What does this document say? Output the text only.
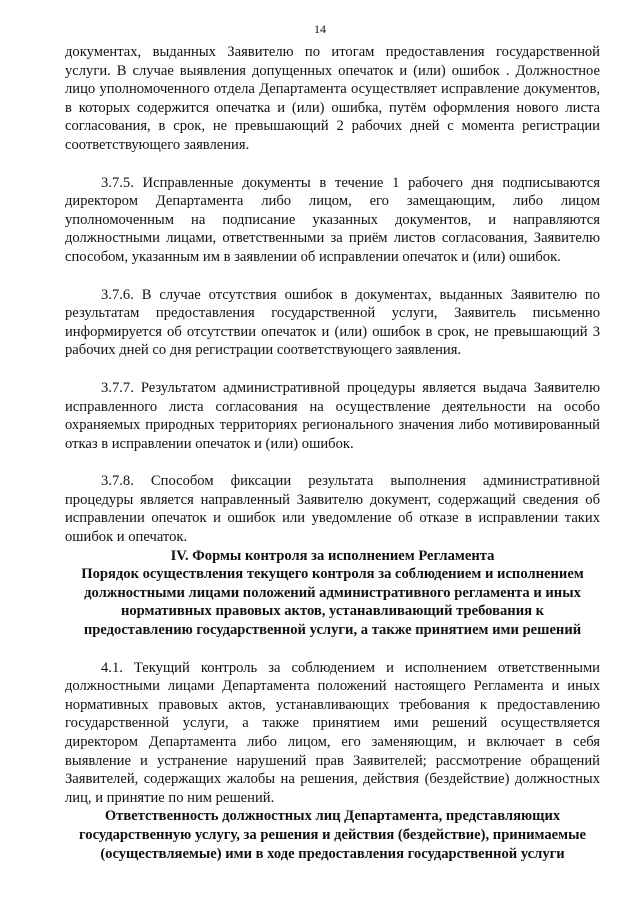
14

документах, выданных Заявителю по итогам предоставления государственной услуги. В случае выявления допущенных опечаток и (или) ошибок . Должностное лицо уполномоченного отдела Департамента осуществляет исправление документов, в которых содержится опечатка и (или) ошибка, путём оформления нового листа согласования, в срок, не превышающий 2 рабочих дней с момента регистрации соответствующего заявления.

3.7.5. Исправленные документы в течение 1 рабочего дня подписываются директором Департамента либо лицом, его замещающим, либо лицом уполномоченным на подписание указанных документов, и направляются должностными лицами, ответственными за приём листов согласования, Заявителю способом, указанным им в заявлении об исправлении опечаток и (или) ошибок.

3.7.6. В случае отсутствия ошибок в документах, выданных Заявителю по результатам предоставления государственной услуги, Заявитель письменно информируется об отсутствии опечаток и (или) ошибок в срок, не превышающий 3 рабочих дней со дня регистрации соответствующего заявления.

3.7.7. Результатом административной процедуры является выдача Заявителю исправленного листа согласования на осуществление деятельности на особо охраняемых природных территориях регионального значения либо мотивированный отказ в исправлении опечаток и (или) ошибок.

3.7.8. Способом фиксации результата выполнения административной процедуры является направленный Заявителю документ, содержащий сведения об исправлении опечаток и ошибок или уведомление об отказе в исправлении таких ошибок и опечаток.

IV. Формы контроля за исполнением Регламента

Порядок осуществления текущего контроля за соблюдением и исполнением должностными лицами положений административного регламента и иных нормативных правовых актов, устанавливающий требования к предоставлению государственной услуги, а также принятием ими решений

4.1. Текущий контроль за соблюдением и исполнением ответственными должностными лицами Департамента положений настоящего Регламента и иных нормативных правовых актов, устанавливающих требования к предоставлению государственной услуги, а также принятием ими решений осуществляется директором Департамента либо лицом, его заменяющим, и включает в себя выявление и устранение нарушений прав Заявителей; рассмотрение обращений Заявителей, содержащих жалобы на решения, действия (бездействие) должностных лиц, и принятие по ним решений.

Ответственность должностных лиц Департамента, представляющих государственную услугу, за решения и действия (бездействие), принимаемые (осуществляемые) ими в ходе предоставления государственной услуги
